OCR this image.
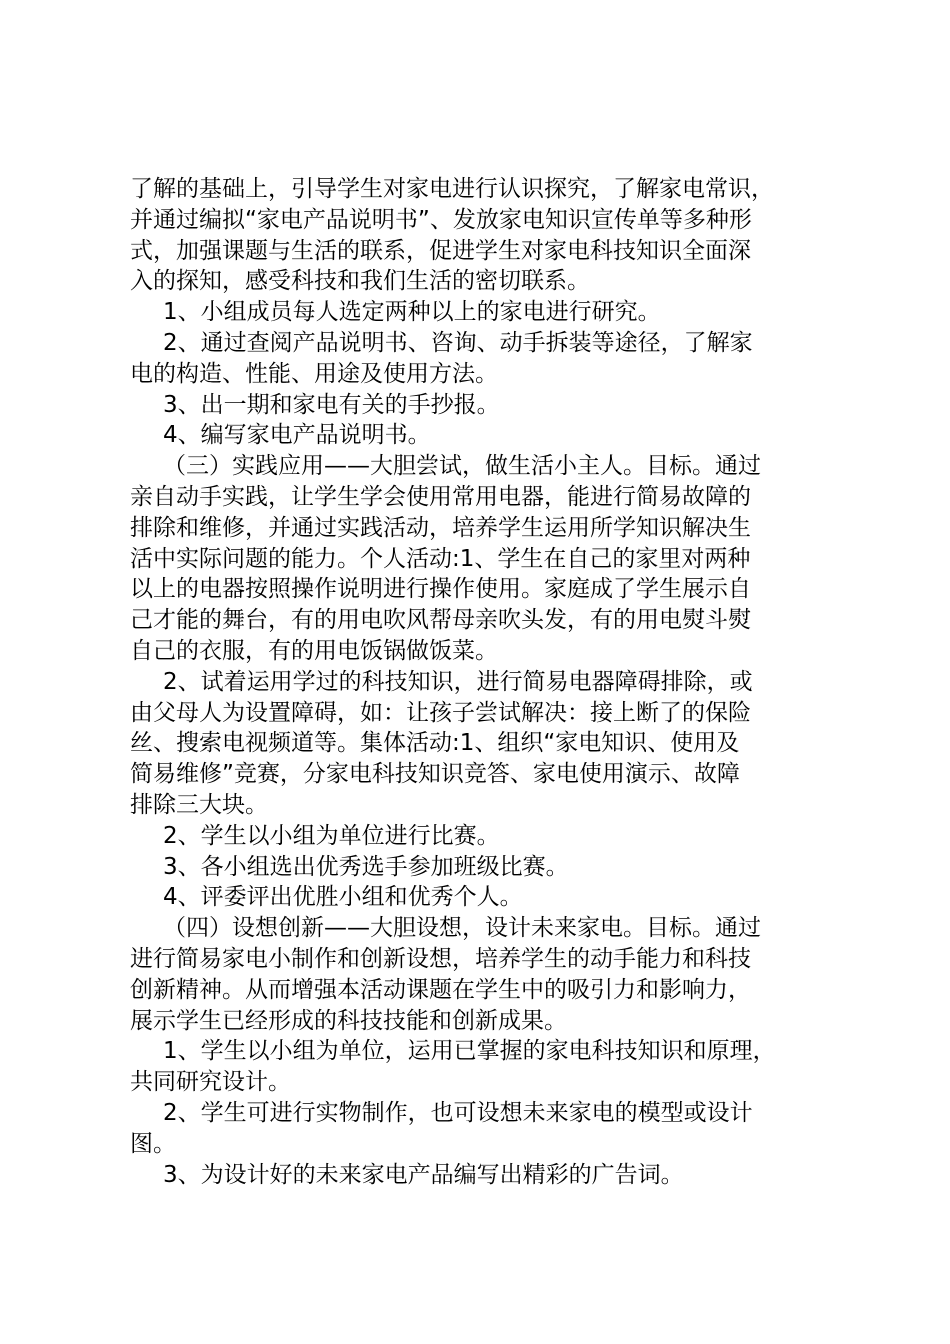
了解的基础上，引导学生对家电进行认识探究，了解家电常识，
并通过编拟“家电产品说明书”、发放家电知识宣传单等多种形
式，加强课题与生活的联系，促进学生对家电科技知识全面深
入的探知，感受科技和我们生活的密切联系。
1、小组成员每人选定两种以上的家电进行研究。
2、通过查阅产品说明书、咨询、动手拆装等途径，了解家
电的构造、性能、用途及使用方法。
3、出一期和家电有关的手抄报。
4、编写家电产品说明书。
（三）实践应用——大胆尝试，做生活小主人。目标。通过
亲自动手实践，让学生学会使用常用电器，能进行简易故障的
排除和维修，并通过实践活动，培养学生运用所学知识解决生
活中实际问题的能力。个人活动:1、学生在自己的家里对两种
以上的电器按照操作说明进行操作使用。家庭成了学生展示自
己才能的舞台，有的用电吹风帮母亲吹头发，有的用电熨斗熨
自己的衣服，有的用电饭锅做饭菜。
2、试着运用学过的科技知识，进行简易电器障碍排除，或
由父母人为设置障碍，如：让孩子尝试解决：接上断了的保险
丝、搜索电视频道等。集体活动:1、组织“家电知识、使用及
简易维修”竞赛，分家电科技知识竞答、家电使用演示、故障
排除三大块。
2、学生以小组为单位进行比赛。
3、各小组选出优秀选手参加班级比赛。
4、评委评出优胜小组和优秀个人。
（四）设想创新——大胆设想，设计未来家电。目标。通过
进行简易家电小制作和创新设想，培养学生的动手能力和科技
创新精神。从而增强本活动课题在学生中的吸引力和影响力，
展示学生已经形成的科技技能和创新成果。
1、学生以小组为单位，运用已掌握的家电科技知识和原理，
共同研究设计。
2、学生可进行实物制作，也可设想未来家电的模型或设计
图。
3、为设计好的未来家电产品编写出精彩的广告词。
